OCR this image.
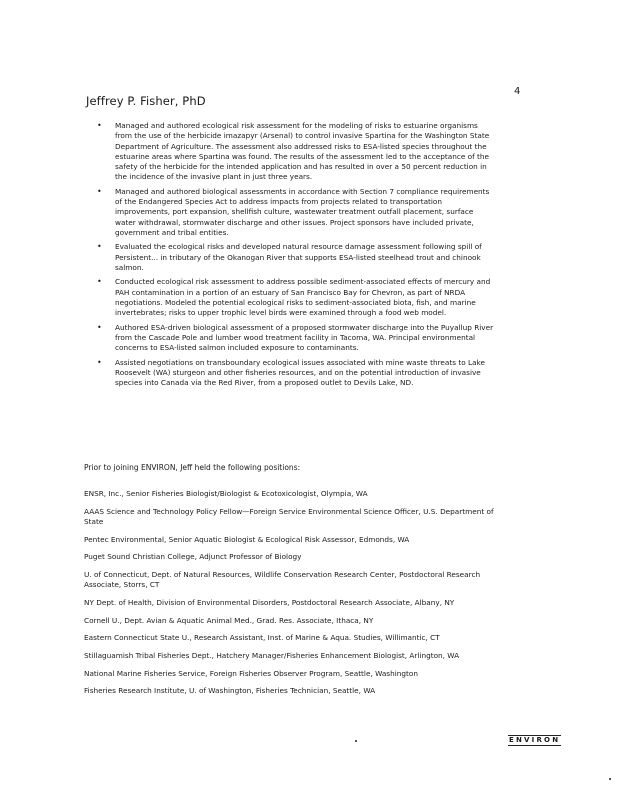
4
Jeffrey P. Fisher, PhD
• Managed and authored ecological risk assessment for the modeling of risks to estuarine organisms from the use of the herbicide imazapyr (Arsenal) to control invasive Spartina for the Washington State Department of Agriculture. The assessment also addressed risks to ESA-listed species throughout the estuarine areas where Spartina was found. The results of the assessment led to the acceptance of the safety of the herbicide for the intended application and has resulted in over a 50 percent reduction in the incidence of the invasive plant in just three years.
• Managed and authored biological assessments in accordance with Section 7 compliance requirements of the Endangered Species Act to address impacts from projects related to transportation improvements, port expansion, shellfish culture, wastewater treatment outfall placement, surface water withdrawal, stormwater discharge and other issues. Project sponsors have included private, government and tribal entities.
• Evaluated the ecological risks and developed natural resource damage assessment following spill of Persistent... in tributary of the Okanogan River that supports ESA-listed steelhead trout and chinook salmon.
• Conducted ecological risk assessment to address possible sediment-associated effects of mercury and PAH contamination in a portion of an estuary of San Francisco Bay for Chevron, as part of NRDA negotiations. Modeled the potential ecological risks to sediment-associated biota, fish, and marine invertebrates; risks to upper trophic level birds were examined through a food web model.
• Authored ESA-driven biological assessment of a proposed stormwater discharge into the Puyallup River from the Cascade Pole and lumber wood treatment facility in Tacoma, WA. Principal environmental concerns to ESA-listed salmon included exposure to contaminants.
• Assisted negotiations on transboundary ecological issues associated with mine waste threats to Lake Roosevelt (WA) sturgeon and other fisheries resources, and on the potential introduction of invasive species into Canada via the Red River, from a proposed outlet to Devils Lake, ND.
Prior to joining ENVIRON, Jeff held the following positions:
ENSR, Inc., Senior Fisheries Biologist/Biologist & Ecotoxicologist, Olympia, WA
AAAS Science and Technology Policy Fellow—Foreign Service Environmental Science Officer, U.S. Department of State
Pentec Environmental, Senior Aquatic Biologist & Ecological Risk Assessor, Edmonds, WA
Puget Sound Christian College, Adjunct Professor of Biology
U. of Connecticut, Dept. of Natural Resources, Wildlife Conservation Research Center, Postdoctoral Research Associate, Storrs, CT
NY Dept. of Health, Division of Environmental Disorders, Postdoctoral Research Associate, Albany, NY
Cornell U., Dept. Avian & Aquatic Animal Med., Grad. Res. Associate, Ithaca, NY
Eastern Connecticut State U., Research Assistant, Inst. of Marine & Aqua. Studies, Willimantic, CT
Stillaguamish Tribal Fisheries Dept., Hatchery Manager/Fisheries Enhancement Biologist, Arlington, WA
National Marine Fisheries Service, Foreign Fisheries Observer Program, Seattle, Washington
Fisheries Research Institute, U. of Washington, Fisheries Technician, Seattle, WA
ENVIRON
